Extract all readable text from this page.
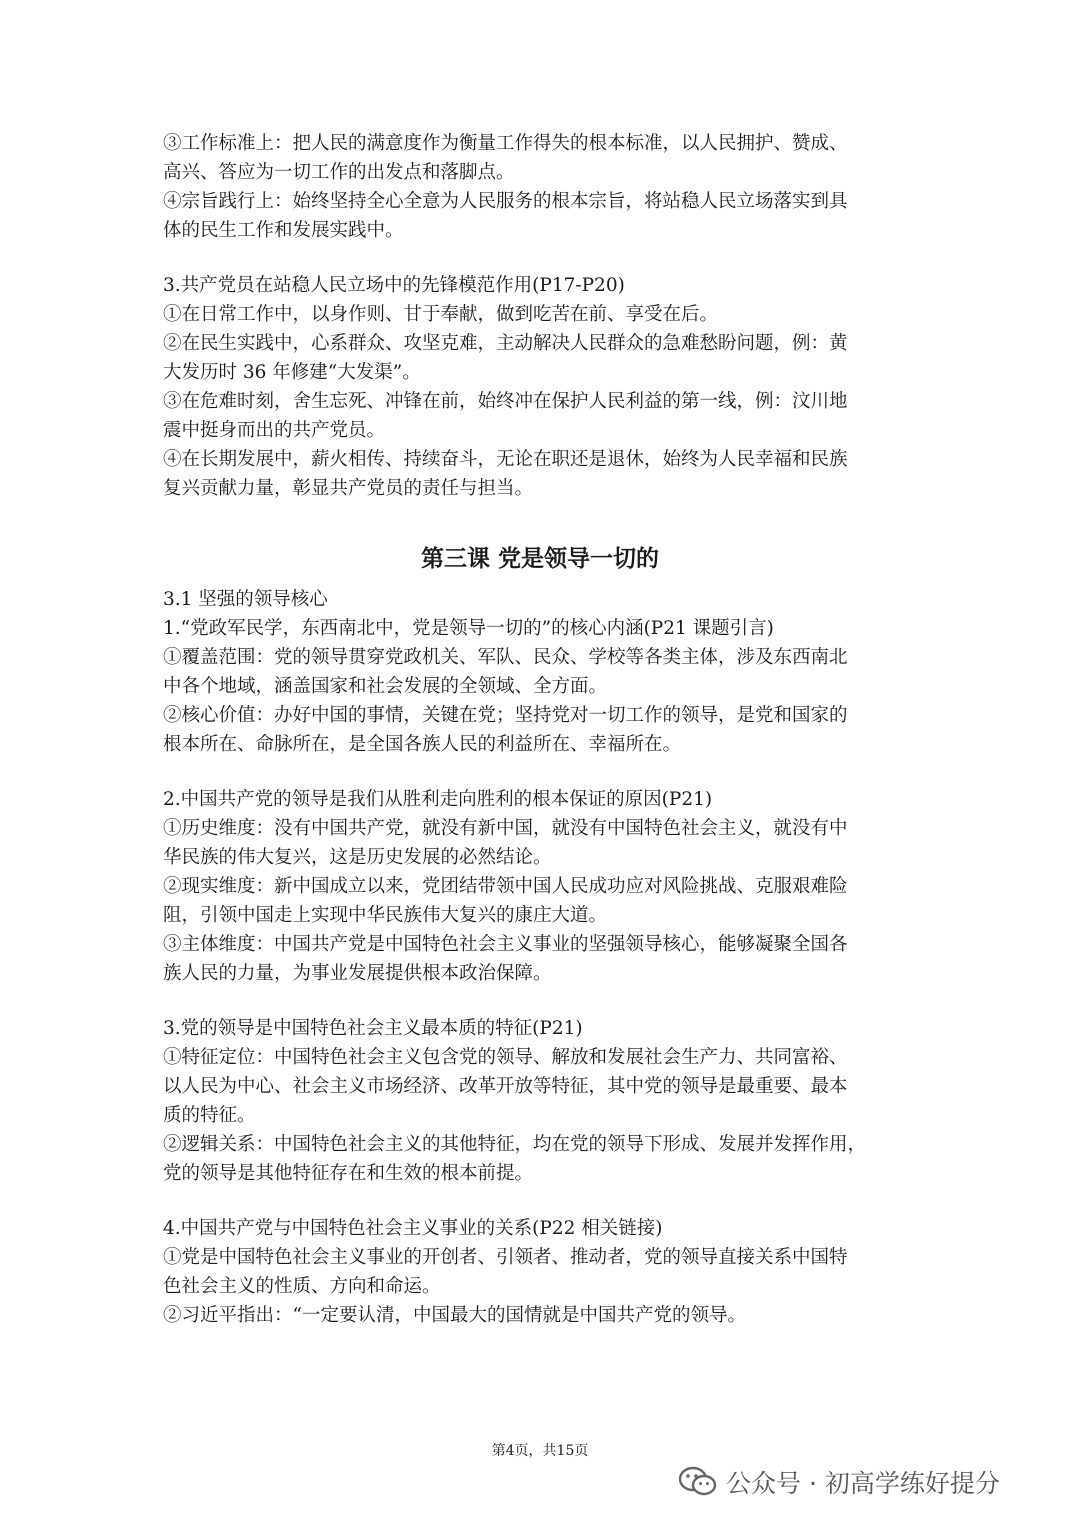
③工作标准上：把人民的满意度作为衡量工作得失的根本标准，以人民拥护、赞成、
高兴、答应为一切工作的出发点和落脚点。
④宗旨践行上：始终坚持全心全意为人民服务的根本宗旨，将站稳人民立场落实到具
体的民生工作和发展实践中。
3.共产党员在站稳人民立场中的先锋模范作用(P17-P20)
①在日常工作中，以身作则、甘于奉献，做到吃苦在前、享受在后。
②在民生实践中，心系群众、攻坚克难，主动解决人民群众的急难愁盼问题，例：黄
大发历时 36 年修建“大发渠”。
③在危难时刻，舍生忘死、冲锋在前，始终冲在保护人民利益的第一线，例：汶川地
震中挺身而出的共产党员。
④在长期发展中，薪火相传、持续奋斗，无论在职还是退休，始终为人民幸福和民族
复兴贡献力量，彰显共产党员的责任与担当。
第三课 党是领导一切的
3.1 坚强的领导核心
1.“党政军民学，东西南北中，党是领导一切的”的核心内涵(P21 课题引言)
①覆盖范围：党的领导贯穿党政机关、军队、民众、学校等各类主体，涉及东西南北
中各个地域，涵盖国家和社会发展的全领域、全方面。
②核心价值：办好中国的事情，关键在党；坚持党对一切工作的领导，是党和国家的
根本所在、命脉所在，是全国各族人民的利益所在、幸福所在。
2.中国共产党的领导是我们从胜利走向胜利的根本保证的原因(P21)
①历史维度：没有中国共产党，就没有新中国，就没有中国特色社会主义，就没有中
华民族的伟大复兴，这是历史发展的必然结论。
②现实维度：新中国成立以来，党团结带领中国人民成功应对风险挑战、克服艰难险
阻，引领中国走上实现中华民族伟大复兴的康庄大道。
③主体维度：中国共产党是中国特色社会主义事业的坚强领导核心，能够凝聚全国各
族人民的力量，为事业发展提供根本政治保障。
3.党的领导是中国特色社会主义最本质的特征(P21)
①特征定位：中国特色社会主义包含党的领导、解放和发展社会生产力、共同富裕、
以人民为中心、社会主义市场经济、改革开放等特征，其中党的领导是最重要、最本
质的特征。
②逻辑关系：中国特色社会主义的其他特征，均在党的领导下形成、发展并发挥作用，
党的领导是其他特征存在和生效的根本前提。
4.中国共产党与中国特色社会主义事业的关系(P22 相关链接)
①党是中国特色社会主义事业的开创者、引领者、推动者，党的领导直接关系中国特
色社会主义的性质、方向和命运。
②习近平指出：“一定要认清，中国最大的国情就是中国共产党的领导。
第4页，共15页
公众号 · 初高学练好提分
